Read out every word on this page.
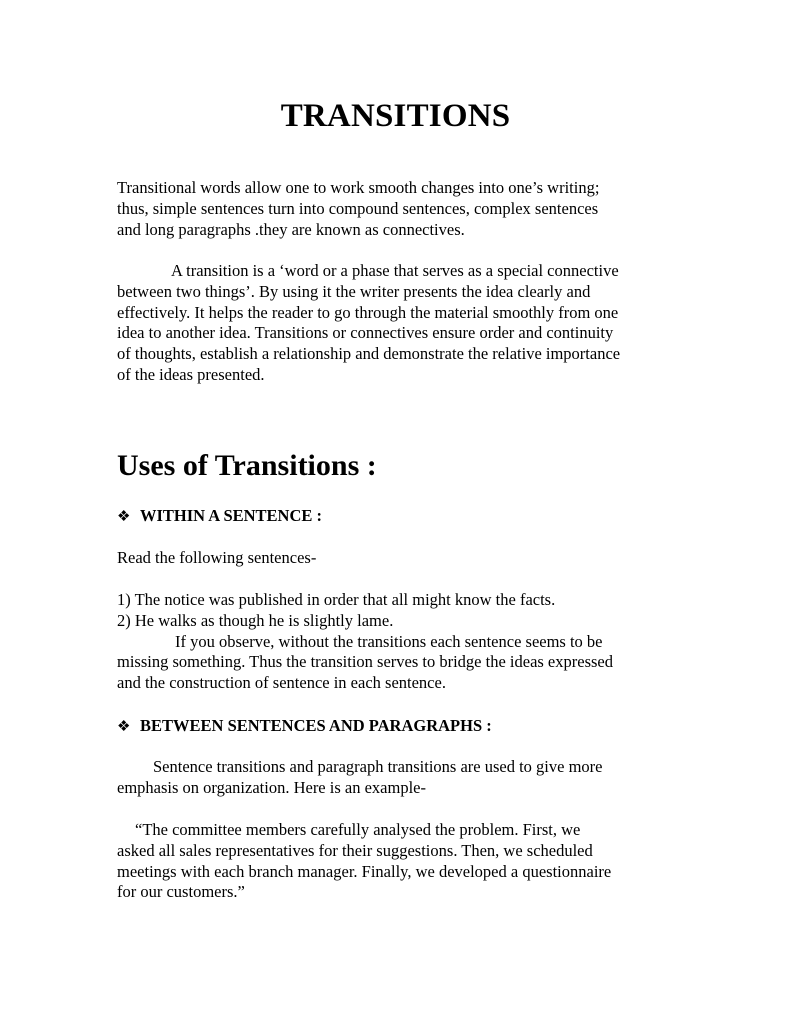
TRANSITIONS
Transitional words allow one to work smooth changes into one’s writing;
thus, simple sentences turn into compound sentences, complex sentences
and long paragraphs .they are known as connectives.
A transition is a ‘word or a phase that serves as a special connective
between two things’. By using it the writer presents the idea clearly and
effectively. It helps the reader to go through the material smoothly from one
idea to another idea. Transitions or connectives ensure order and continuity
of thoughts, establish a relationship and demonstrate the relative importance
of the ideas presented.
Uses of Transitions :
❖ WITHIN A SENTENCE :
Read the following sentences-
1) The notice was published in order that all might know the facts.
2) He walks as though he is slightly lame.
If you observe, without the transitions each sentence seems to be
missing something. Thus the transition serves to bridge the ideas expressed
and the construction of sentence in each sentence.
❖ BETWEEN SENTENCES AND PARAGRAPHS :
Sentence transitions and paragraph transitions are used to give more
emphasis on organization. Here is an example-
“The committee members carefully analysed the problem. First, we
asked all sales representatives for their suggestions. Then, we scheduled
meetings with each branch manager. Finally, we developed a questionnaire
for our customers.”
